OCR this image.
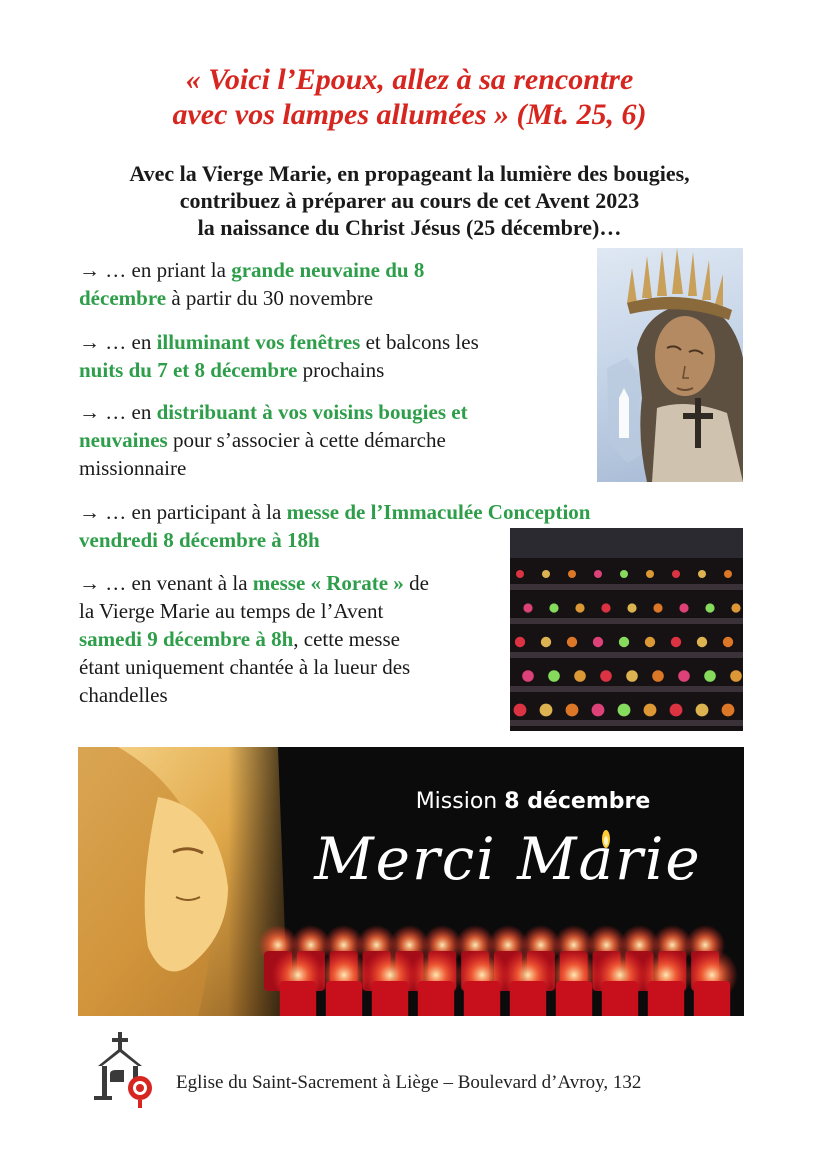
« Voici l’Epoux, allez à sa rencontre
avec vos lampes allumées » (Mt. 25, 6)
Avec la Vierge Marie, en propageant la lumière des bougies,
contribuez à préparer au cours de cet Avent 2023
la naissance du Christ Jésus (25 décembre)…
→ … en priant la grande neuvaine du 8
décembre à partir du 30 novembre
→ … en illuminant vos fenêtres et balcons les
nuits du 7 et 8 décembre prochains
→ … en distribuant à vos voisins bougies et
neuvaines pour s’associer à cette démarche
missionnaire
→ … en participant à la messe de l’Immaculée Conception
vendredi 8 décembre à 18h
→ … en venant à la messe « Rorate » de
la Vierge Marie au temps de l’Avent
samedi 9 décembre à 8h, cette messe
étant uniquement chantée à la lueur des
chandelles
Mission 8 décembre
Merci Marie
Eglise du Saint-Sacrement à Liège – Boulevard d’Avroy, 132
